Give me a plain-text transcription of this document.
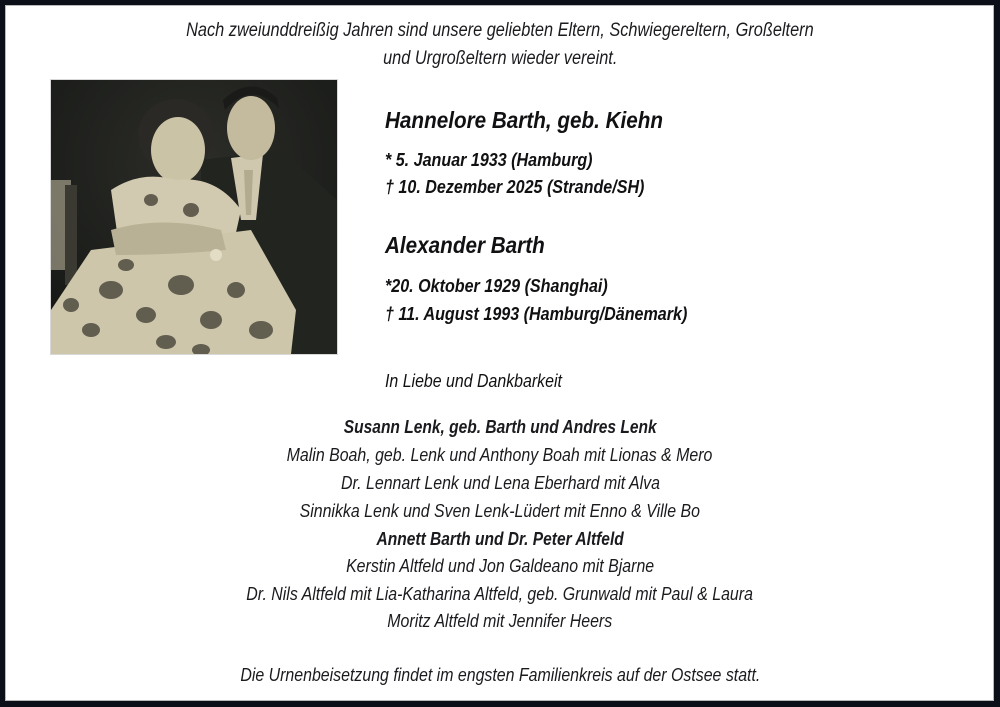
Nach zweiunddreißig Jahren sind unsere geliebten Eltern, Schwiegereltern, Großeltern
und Urgroßeltern wieder vereint.
Hannelore Barth, geb. Kiehn
* 5. Januar 1933 (Hamburg)
† 10. Dezember 2025 (Strande/SH)
Alexander Barth
*20. Oktober 1929 (Shanghai)
† 11. August 1993 (Hamburg/Dänemark)
In Liebe und Dankbarkeit
Susann Lenk, geb. Barth und Andres Lenk
Malin Boah, geb. Lenk und Anthony Boah mit Lionas & Mero
Dr. Lennart Lenk und Lena Eberhard mit Alva
Sinnikka Lenk und Sven Lenk-Lüdert mit Enno & Ville Bo
Annett Barth und Dr. Peter Altfeld
Kerstin Altfeld und Jon Galdeano mit Bjarne
Dr. Nils Altfeld mit Lia-Katharina Altfeld, geb. Grunwald mit Paul & Laura
Moritz Altfeld mit Jennifer Heers
Die Urnenbeisetzung findet im engsten Familienkreis auf der Ostsee statt.
